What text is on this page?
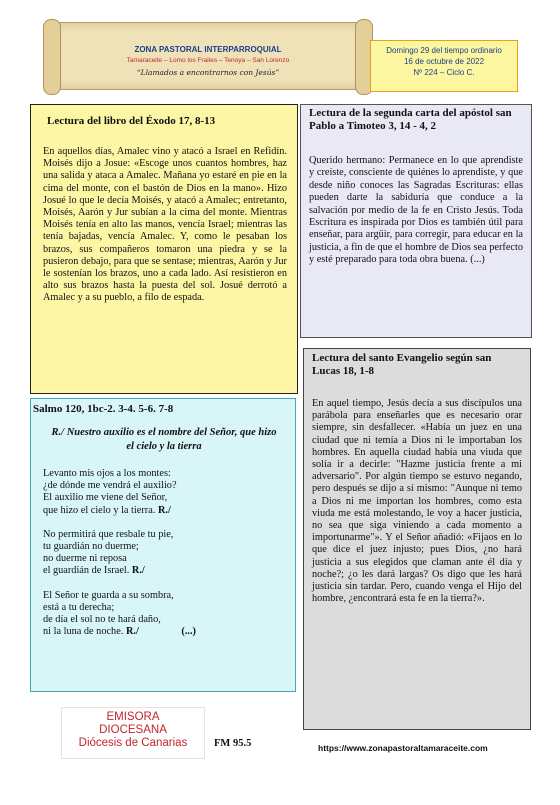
ZONA PASTORAL INTERPARROQUIAL
Tamaraceite – Lomo los Frailes – Tenoya – San Lorenzo
“Llamados a encontrarnos con Jesús”
Domingo 29 del tiempo ordinario
16 de octubre de 2022
Nº 224 – Ciclo C.
Lectura del libro del Éxodo 17, 8-13
En aquellos días, Amalec vino y atacó a Israel en Refidín. Moisés dijo a Josue: «Escoge unos cuantos hombres, haz una salida y ataca a Amalec. Mañana yo estaré en pie en la cima del monte, con el bastón de Dios en la mano». Hizo Josué lo que le decía Moisés, y atacó a Amalec; entretanto, Moisés, Aarón y Jur subían a la cima del monte. Mientras Moisés tenía en alto las manos, vencía Israel; mientras las tenía bajadas, vencía Amalec. Y, como le pesaban los brazos, sus compañeros tomaron una piedra y se la pusieron debajo, para que se sentase; mientras, Aarón y Jur le sostenían los brazos, uno a cada lado. Así resistieron en alto sus brazos hasta la puesta del sol. Josué derrotó a Amalec y a su pueblo, a filo de espada.
Lectura de la segunda carta del apóstol san Pablo a Timoteo 3, 14 - 4, 2
Querido hermano: Permanece en lo que aprendiste y creíste, consciente de quiénes lo aprendiste, y que desde niño conoces las Sagradas Escrituras: ellas pueden darte la sabiduría que conduce a la salvación por medio de la fe en Cristo Jesús. Toda Escritura es inspirada por Dios es también útil para enseñar, para argüir, para corregir, para educar en la justicia, a fin de que el hombre de Dios sea perfecto y esté preparado para toda obra buena. (...)
Salmo 120, 1bc-2. 3-4. 5-6. 7-8
R./ Nuestro auxilio es el nombre del Señor, que hizo el cielo y la tierra
Levanto mis ojos a los montes:
¿de dónde me vendrá el auxilio?
El auxilio me viene del Señor,
que hizo el cielo y la tierra. R./
No permitirá que resbale tu pie,
tu guardián no duerme;
no duerme ni reposa
el guardián de Israel. R./
El Señor te guarda a su sombra,
está a tu derecha;
de día el sol no te hará daño,
ni la luna de noche. R./	(...)
Lectura del santo Evangelio según san Lucas 18, 1-8
En aquel tiempo, Jesús decía a sus discípulos una parábola para enseñarles que es necesario orar siempre, sin desfallecer. «Había un juez en una ciudad que ni temía a Dios ni le importaban los hombres. En aquella ciudad había una viuda que solía ir a decirle: "Hazme justicia frente a mi adversario". Por algún tiempo se estuvo negando, pero después se dijo a sí mismo: "Aunque ni temo a Dios ni me importan los hombres, como esta viuda me está molestando, le voy a hacer justicia, no sea que siga viniendo a cada momento a importunarme"». Y el Señor añadió: «Fijaos en lo que dice el juez injusto; pues Dios, ¿no hará justicia a sus elegidos que claman ante él día y noche?; ¿o les dará largas? Os digo que les hará justicia sin tardar. Pero, cuando venga el Hijo del hombre, ¿encontrará esta fe en la tierra?».
EMISORA
DIOCESANA
Diócesis de Canarias	FM 95.5	https://www.zonapastoraltamaraceite.com
